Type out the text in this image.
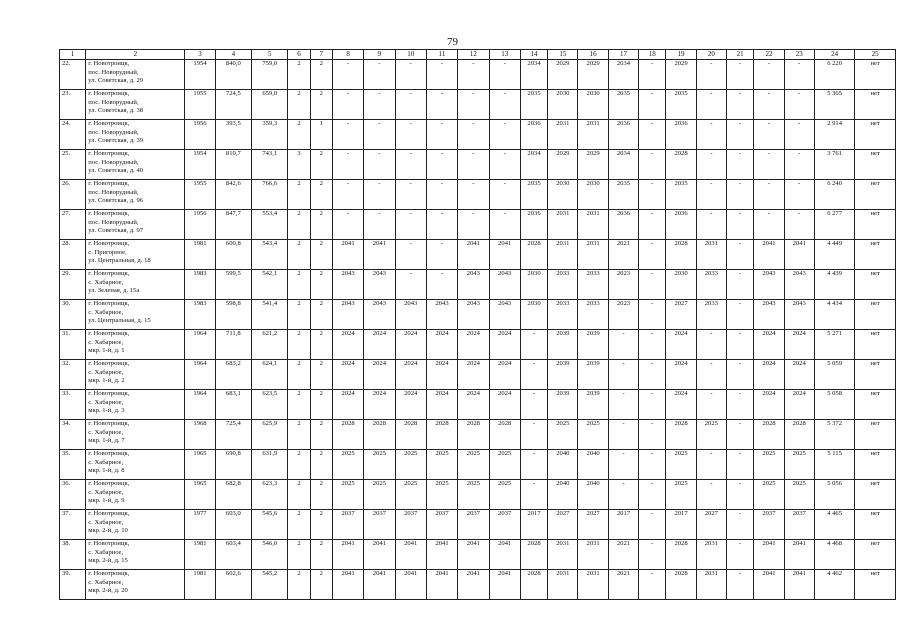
79
1	2	3	4	5	6	7	8	9	10	11	12	13	14	15	16	17	18	19	20	21	22	23	24	25
22.	г. Новотроицк,
пос. Новорудный,
ул. Советская, д. 29	1954	840,0	759,0	2	2	-	-	-	-	-	-	2034	2029	2029	2034	-	2029	-	-	-	-	6 220	нет
23.	г. Новотроицк,
пос. Новорудный,
ул. Советская, д. 38	1955	724,5	659,0	2	2	-	-	-	-	-	-	2035	2030	2030	2035	-	2035	-	-	-	-	5 365	нет
24.	г. Новотроицк,
пос. Новорудный,
ул. Советская, д. 39	1956	393,5	359,3	2	1	-	-	-	-	-	-	2036	2031	2031	2036	-	2036	-	-	-	-	2 914	нет
25.	г. Новотроицк,
пос. Новорудный,
ул. Советская, д. 40	1954	810,7	743,1	3	2	-	-	-	-	-	-	2034	2029	2029	2034	-	2028	-	-	-	-	3 761	нет
26.	г. Новотроицк,
пос. Новорудный,
ул. Советская, д. 96	1955	842,6	766,6	2	2	-	-	-	-	-	-	2035	2030	2030	2035	-	2035	-	-	-	-	6 240	нет
27.	г. Новотроицк,
пос. Новорудный,
ул. Советская, д. 97	1956	847,7	553,4	2	2	-	-	-	-	-	-	2036	2031	2031	2036	-	2036	-	-	-	-	6 277	нет
28.	г. Новотроицк,
с. Пригорное,
ул. Центральная, д. 18	1981	600,8	543,4	2	2	2041	2041	-	-	2041	2041	2028	2031	2031	2021	-	2028	2031	-	2041	2041	4 449	нет
29.	г. Новотроицк,
с. Хабарное,
ул. Зеленая, д. 15а	1983	599,5	542,1	2	2	2043	2043	-	-	2043	2043	2030	2033	2033	2023	-	2030	2033	-	2043	2043	4 439	нет
30.	г. Новотроицк,
с. Хабарное,
ул. Центральная, д. 15	1983	598,8	541,4	2	2	2043	2043	2043	2043	2043	2043	2030	2033	2033	2023	-	2027	2033	-	2043	2043	4 434	нет
31.	г. Новотроицк,
с. Хабарное,
мкр. 1-й, д. 1	1964	711,8	621,2	2	2	2024	2024	2024	2024	2024	2024	-	2039	2039	-	-	2024	-	-	2024	2024	5 271	нет
32.	г. Новотроицк,
с. Хабарное,
мкр. 1-й, д. 2	1964	683,2	624,1	2	2	2024	2024	2024	2024	2024	2024	-	2039	2039	-	-	2024	-	-	2024	2024	5 059	нет
33.	г. Новотроицк,
с. Хабарное,
мкр. 1-й, д. 3	1964	683,1	623,5	2	2	2024	2024	2024	2024	2024	2024	-	2039	2039	-	-	2024	-	-	2024	2024	5 058	нет
34.	г. Новотроицк,
с. Хабарное,
мкр. 1-й, д. 7	1968	725,4	625,9	2	2	2028	2028	2028	2028	2028	2028	-	2025	2025	-	-	2028	2025	-	2028	2028	5 372	нет
35.	г. Новотроицк,
с. Хабарное,
мкр. 1-й, д. 8	1965	690,8	631,9	2	2	2025	2025	2025	2025	2025	2025	-	2040	2040	-	-	2025	-	-	2025	2025	5 115	нет
36.	г. Новотроицк,
с. Хабарное,
мкр. 1-й, д. 9	1965	682,8	623,3	2	2	2025	2025	2025	2025	2025	2025	-	2040	2040	-	-	2025	-	-	2025	2025	5 056	нет
37.	г. Новотроицк,
с. Хабарное,
мкр. 2-й, д. 10	1977	603,0	545,6	2	2	2037	2037	2037	2037	2037	2037	2017	2027	2027	2017	-	2017	2027	-	2037	2037	4 465	нет
38.	г. Новотроицк,
с. Хабарное,
мкр. 2-й, д. 15	1981	603,4	546,0	2	2	2041	2041	2041	2041	2041	2041	2028	2031	2031	2021	-	2028	2031	-	2041	2041	4 468	нет
39.	г. Новотроицк,
с. Хабарное,
мкр. 2-й, д. 20	1981	602,6	545,2	2	2	2041	2041	2041	2041	2041	2041	2028	2031	2031	2021	-	2028	2031	-	2041	2041	4 462	нет
